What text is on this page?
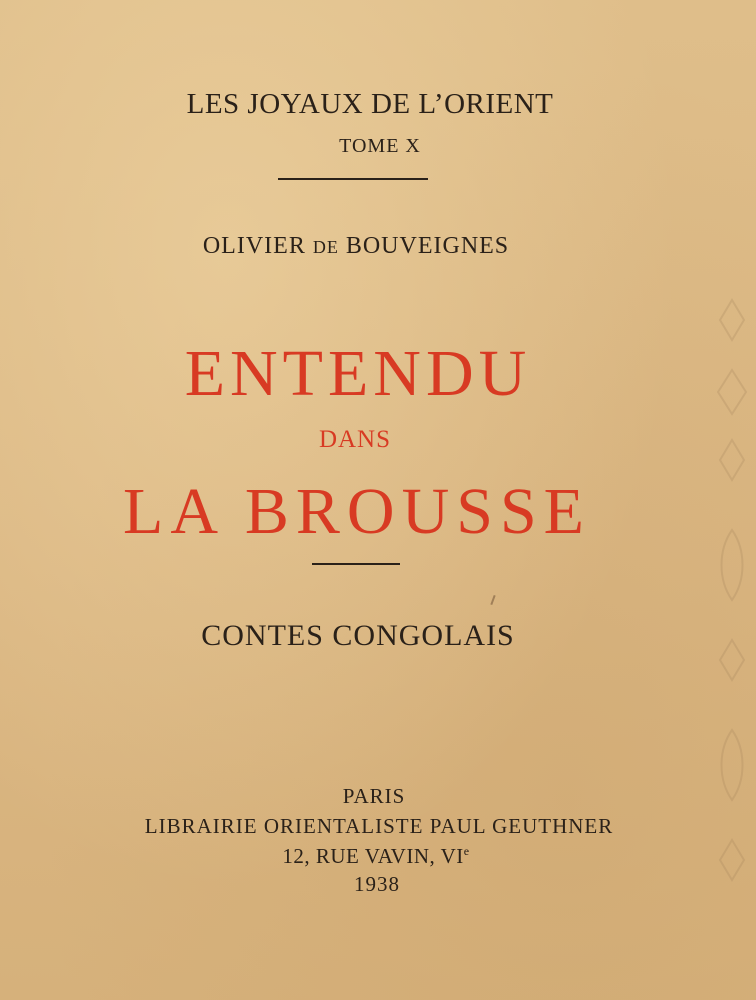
LES JOYAUX DE L’ORIENT
TOME X
OLIVIER DE BOUVEIGNES
ENTENDU
DANS
LA BROUSSE
CONTES CONGOLAIS
PARIS
LIBRAIRIE ORIENTALISTE PAUL GEUTHNER
12, RUE VAVIN, VIe
1938
